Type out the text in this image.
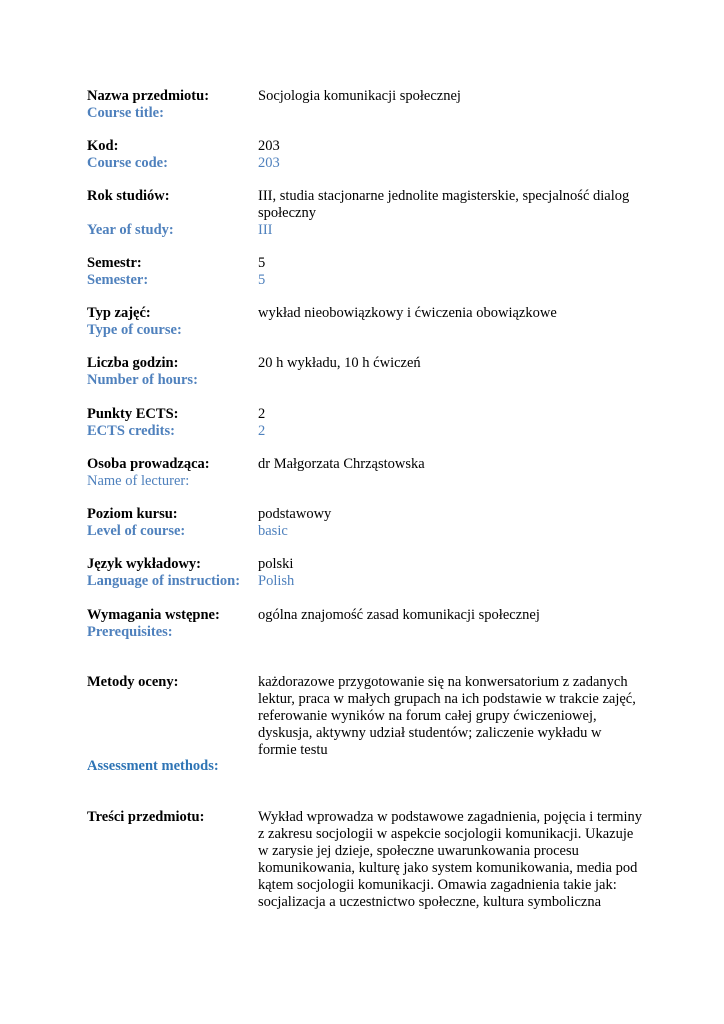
Nazwa przedmiotu:	Socjologia komunikacji społecznej
Course title:
Kod:	203
Course code:	203
Rok studiów:	III, studia stacjonarne jednolite magisterskie, specjalność dialog społeczny
Year of study:	III
Semestr:	5
Semester:	5
Typ zajęć:	wykład nieobowiązkowy i ćwiczenia obowiązkowe
Type of course:
Liczba godzin:	20 h wykładu, 10 h ćwiczeń
Number of hours:
Punkty ECTS:	2
ECTS credits:	2
Osoba prowadząca:	dr Małgorzata Chrząstowska
Name of lecturer:
Poziom kursu:	podstawowy
Level of course:	basic
Język wykładowy:	polski
Language of instruction:	Polish
Wymagania wstępne:	ogólna znajomość zasad komunikacji społecznej
Prerequisites:
Metody oceny:	każdorazowe przygotowanie się na konwersatorium z zadanych lektur, praca w małych grupach na ich podstawie w trakcie zajęć, referowanie wyników na forum całej grupy ćwiczeniowej, dyskusja, aktywny udział studentów; zaliczenie wykładu w formie testu
Assessment methods:
Treści przedmiotu:	Wykład wprowadza w podstawowe zagadnienia, pojęcia i terminy z zakresu socjologii w aspekcie socjologii komunikacji. Ukazuje w zarysie jej dzieje, społeczne uwarunkowania procesu komunikowania, kulturę jako system komunikowania, media pod kątem socjologii komunikacji. Omawia zagadnienia takie jak: socjalizacja a uczestnictwo społeczne, kultura symboliczna
